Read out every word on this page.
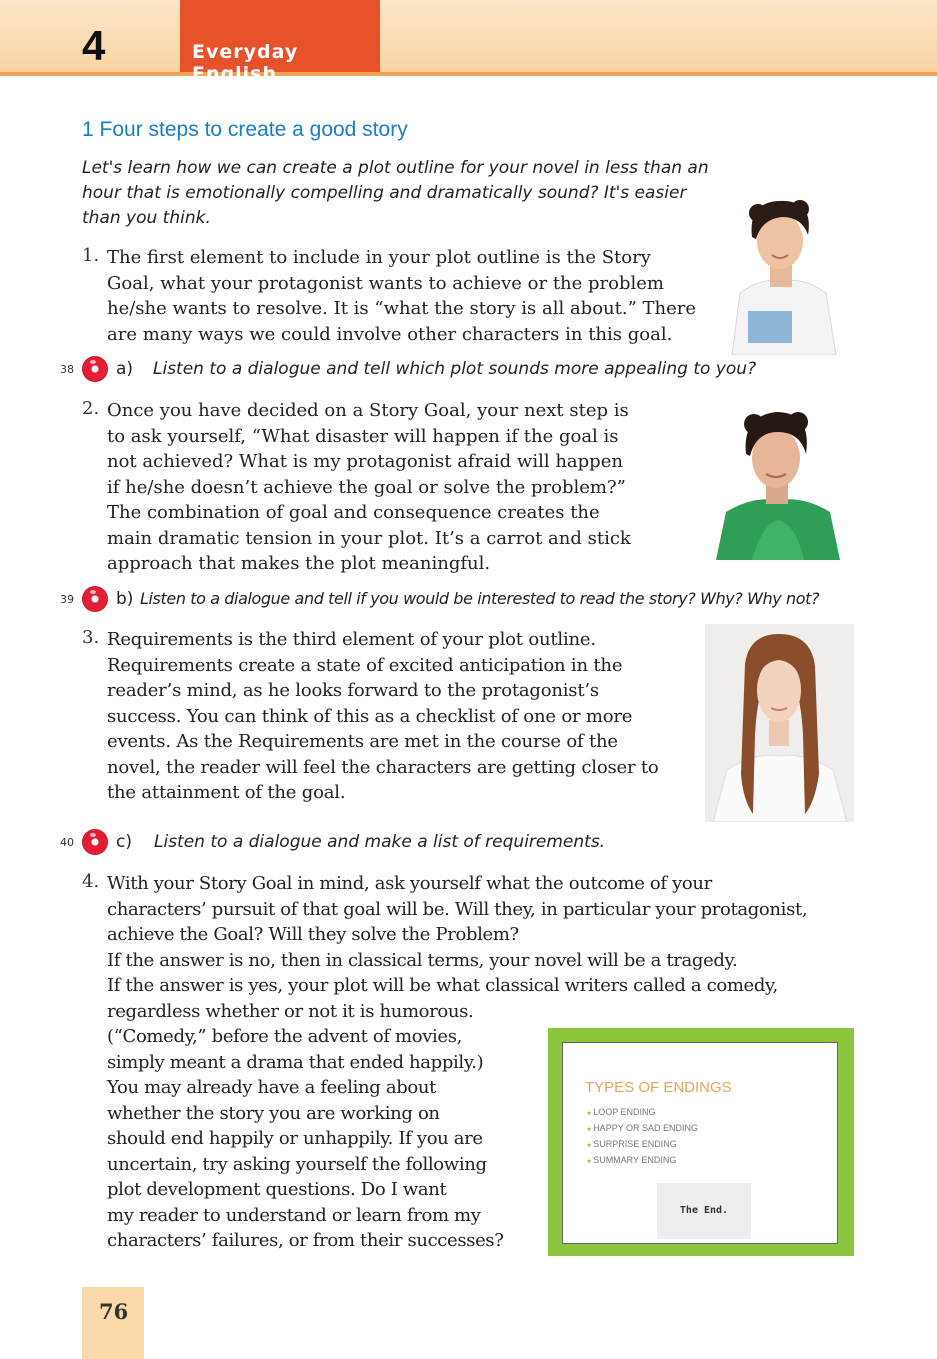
4	Everyday English
1 Four steps to create a good story
Let's learn how we can create a plot outline for your novel in less than an hour that is emotionally compelling and dramatically sound? It's easier than you think.
1. The first element to include in your plot outline is the Story
Goal, what your protagonist wants to achieve or the problem
he/she wants to resolve. It is “what the story is all about.” There
are many ways we could involve other characters in this goal.
38 a) Listen to a dialogue and tell which plot sounds more appealing to you?
2. Once you have decided on a Story Goal, your next step is
to ask yourself, “What disaster will happen if the goal is
not achieved? What is my protagonist afraid will happen
if he/she doesn’t achieve the goal or solve the problem?”
The combination of goal and consequence creates the
main dramatic tension in your plot. It’s a carrot and stick
approach that makes the plot meaningful.
39 b) Listen to a dialogue and tell if you would be interested to read the story? Why? Why not?
3. Requirements is the third element of your plot outline.
Requirements create a state of excited anticipation in the
reader’s mind, as he looks forward to the protagonist’s
success. You can think of this as a checklist of one or more
events. As the Requirements are met in the course of the
novel, the reader will feel the characters are getting closer to
the attainment of the goal.
40 c) Listen to a dialogue and make a list of requirements.
4. With your Story Goal in mind, ask yourself what the outcome of your
characters’ pursuit of that goal will be. Will they, in particular your protagonist,
achieve the Goal? Will they solve the Problem?
If the answer is no, then in classical terms, your novel will be a tragedy.
If the answer is yes, your plot will be what classical writers called a comedy,
regardless whether or not it is humorous.
(“Comedy,” before the advent of movies,
simply meant a drama that ended happily.)
You may already have a feeling about
whether the story you are working on
should end happily or unhappily. If you are
uncertain, try asking yourself the following
plot development questions. Do I want
my reader to understand or learn from my
characters’ failures, or from their successes?
TYPES OF ENDINGS
● LOOP ENDING
● HAPPY OR SAD ENDING
● SURPRISE ENDING
● SUMMARY ENDING
The End.
76
